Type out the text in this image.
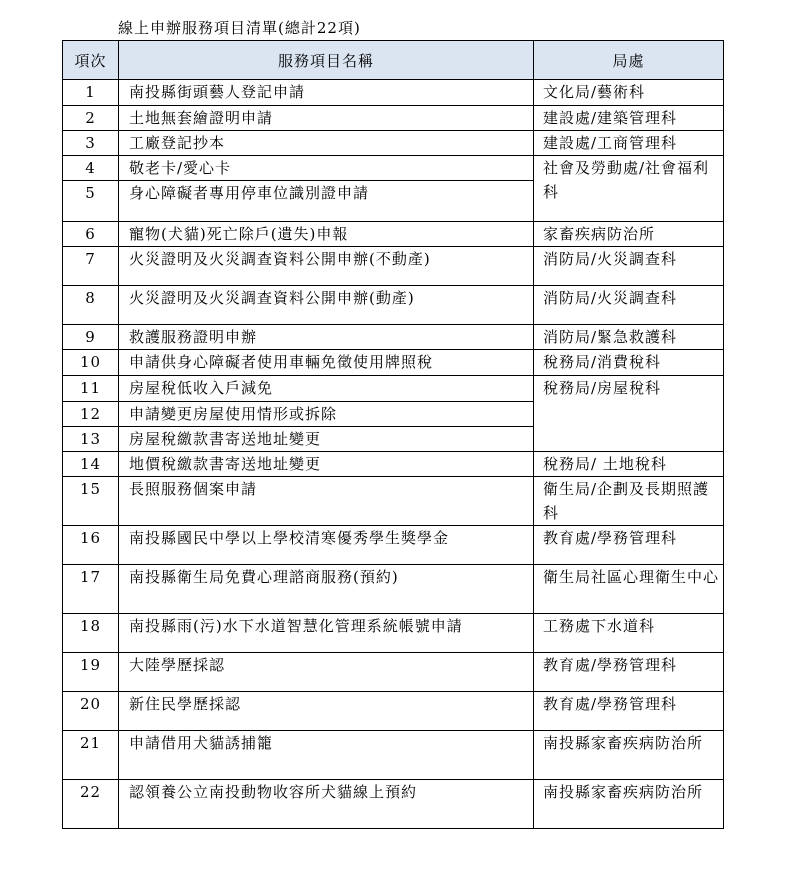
線上申辦服務項目清單(總計22項)
項次	服務項目名稱	局處
1	南投縣街頭藝人登記申請	文化局/藝術科
2	土地無套繪證明申請	建設處/建築管理科
3	工廠登記抄本	建設處/工商管理科
4	敬老卡/愛心卡	社會及勞動處/社會福利科
5	身心障礙者專用停車位識別證申請	
6	寵物(犬貓)死亡除戶(遺失)申報	家畜疾病防治所
7	火災證明及火災調查資料公開申辦(不動產)	消防局/火災調查科
8	火災證明及火災調查資料公開申辦(動產)	消防局/火災調查科
9	救護服務證明申辦	消防局/緊急救護科
10	申請供身心障礙者使用車輛免徵使用牌照稅	稅務局/消費稅科
11	房屋稅低收入戶減免	稅務局/房屋稅科
12	申請變更房屋使用情形或拆除	
13	房屋稅繳款書寄送地址變更	
14	地價稅繳款書寄送地址變更	稅務局/ 土地稅科
15	長照服務個案申請	衛生局/企劃及長期照護科
16	南投縣國民中學以上學校清寒優秀學生獎學金	教育處/學務管理科
17	南投縣衛生局免費心理諮商服務(預約)	衛生局社區心理衛生中心
18	南投縣雨(污)水下水道智慧化管理系統帳號申請	工務處下水道科
19	大陸學歷採認	教育處/學務管理科
20	新住民學歷採認	教育處/學務管理科
21	申請借用犬貓誘捕籠	南投縣家畜疾病防治所
22	認領養公立南投動物收容所犬貓線上預約	南投縣家畜疾病防治所
